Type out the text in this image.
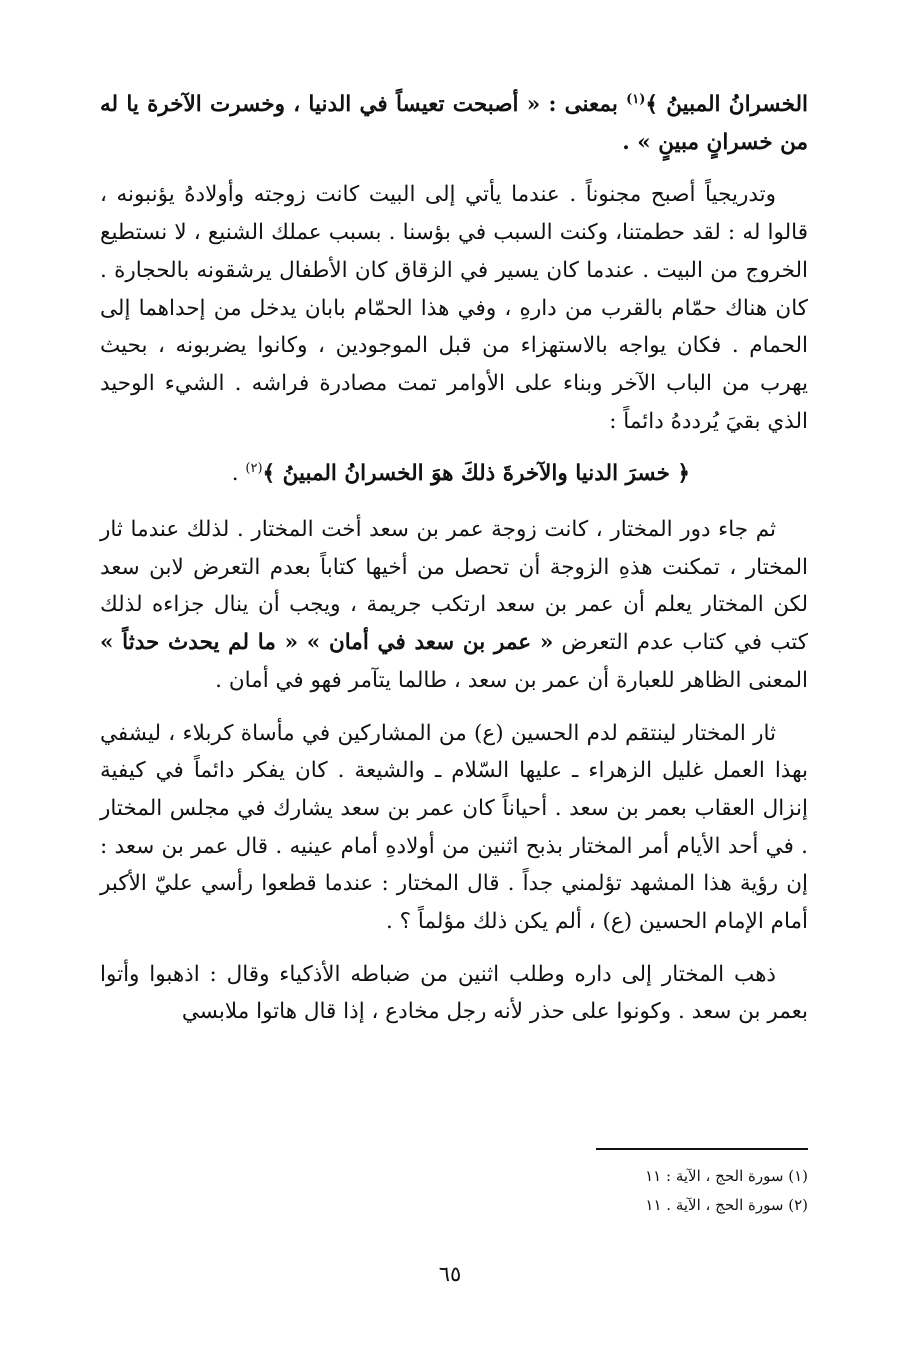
الخسرانُ المبينُ ﴾$^{(١)}$ بمعنى : « أصبحت تعيساً في الدنيا ، وخسرت الآخرة يا له من خسرانٍ مبينٍ » .

وتدريجياً أصبح مجنوناً . عندما يأتي إلى البيت كانت زوجته وأولادهُ يؤنبونه ، قالوا له : لقد حطمتنا، وكنت السبب في بؤسنا . بسبب عملك الشنيع ، لا نستطيع الخروج من البيت . عندما كان يسير في الزقاق كان الأطفال يرشقونه بالحجارة . كان هناك حمّام بالقرب من دارهِ ، وفي هذا الحمّام بابان يدخل من إحداهما إلى الحمام . فكان يواجه بالاستهزاء من قبل الموجودين ، وكانوا يضربونه ، بحيث يهرب من الباب الآخر وبناء على الأوامر تمت مصادرة فراشه . الشيء الوحيد الذي بقيَ يُرددهُ دائماً :

﴿ خسرَ الدنيا والآخرةَ ذلكَ هوَ الخسرانُ المبينُ ﴾$^{(٢)}$ .

ثم جاء دور المختار ، كانت زوجة عمر بن سعد أخت المختار . لذلك عندما ثار المختار ، تمكنت هذهِ الزوجة أن تحصل من أخيها كتاباً بعدم التعرض لابن سعد لكن المختار يعلم أن عمر بن سعد ارتكب جريمة ، ويجب أن ينال جزاءه لذلك كتب في كتاب عدم التعرض « عمر بن سعد في أمان » « ما لم يحدث حدثاً » المعنى الظاهر للعبارة أن عمر بن سعد ، طالما يتآمر فهو في أمان .

ثار المختار لينتقم لدم الحسين (ع) من المشاركين في مأساة كربلاء ، ليشفي بهذا العمل غليل الزهراء ـ عليها السّلام ـ والشيعة . كان يفكر دائماً في كيفية إنزال العقاب بعمر بن سعد . أحياناً كان عمر بن سعد يشارك في مجلس المختار . في أحد الأيام أمر المختار بذبح اثنين من أولادهِ أمام عينيه . قال عمر بن سعد : إن رؤية هذا المشهد تؤلمني جداً . قال المختار : عندما قطعوا رأسي عليّ الأكبر أمام الإمام الحسين (ع) ، ألم يكن ذلك مؤلماً ؟ .

ذهب المختار إلى داره وطلب اثنين من ضباطه الأذكياء وقال : اذهبوا وأتوا بعمر بن سعد . وكونوا على حذر لأنه رجل مخادع ، إذا قال هاتوا ملابسي

(١) سورة الحج ، الآية : ١١

(٢) سورة الحج ، الآية . ١١

٦٥
